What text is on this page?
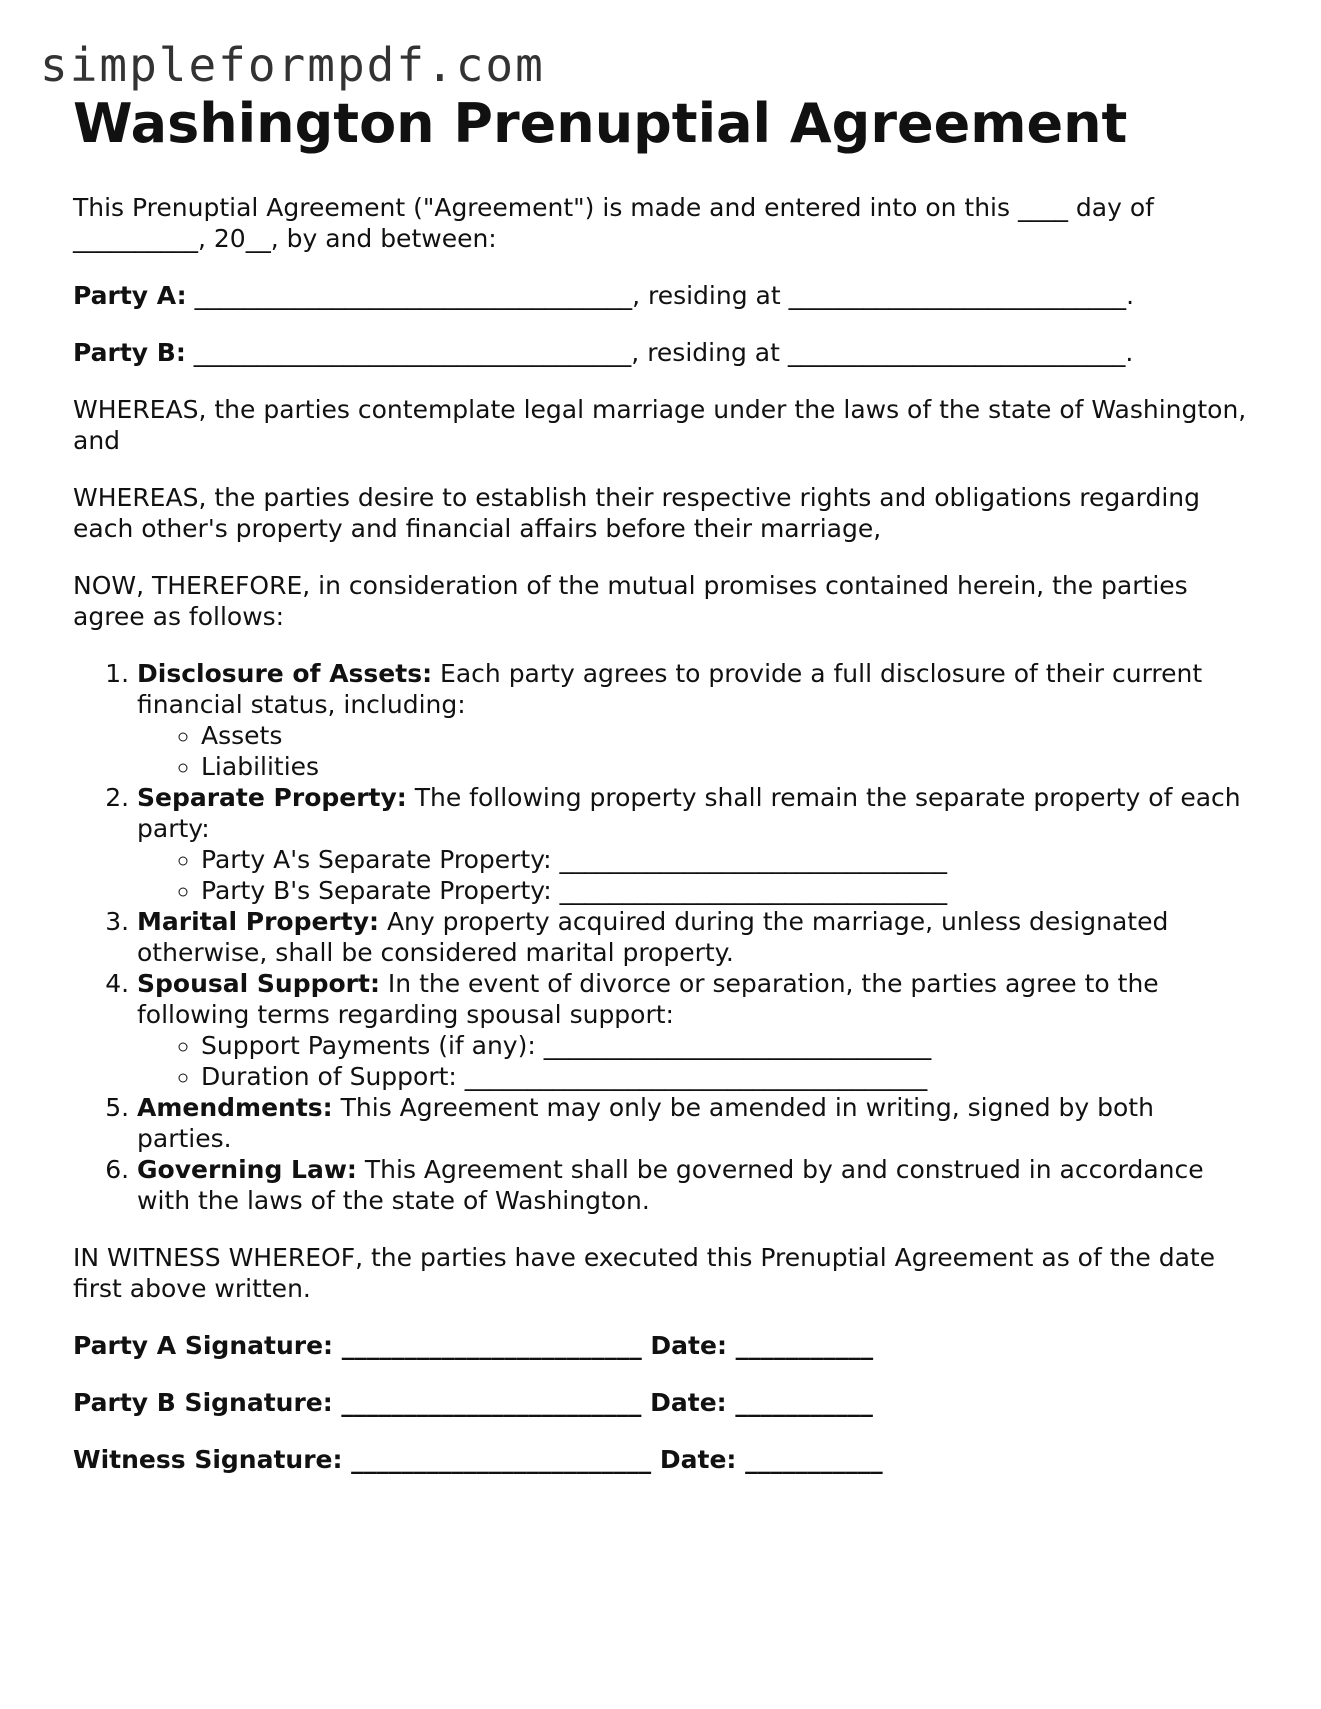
simpleformpdf.com
Washington Prenuptial Agreement

This Prenuptial Agreement ("Agreement") is made and entered into on this ____ day of
__________, 20__, by and between:

Party A: ___________________________________, residing at ___________________________.

Party B: ___________________________________, residing at ___________________________.

WHEREAS, the parties contemplate legal marriage under the laws of the state of Washington, and

WHEREAS, the parties desire to establish their respective rights and obligations regarding each other's property and financial affairs before their marriage,

NOW, THEREFORE, in consideration of the mutual promises contained herein, the parties agree as follows:

1. Disclosure of Assets: Each party agrees to provide a full disclosure of their current financial status, including:
◦ Assets
◦ Liabilities
2. Separate Property: The following property shall remain the separate property of each party:
◦ Party A's Separate Property: _______________________________
◦ Party B's Separate Property: _______________________________
3. Marital Property: Any property acquired during the marriage, unless designated otherwise, shall be considered marital property.
4. Spousal Support: In the event of divorce or separation, the parties agree to the following terms regarding spousal support:
◦ Support Payments (if any): _______________________________
◦ Duration of Support: _____________________________________
5. Amendments: This Agreement may only be amended in writing, signed by both parties.
6. Governing Law: This Agreement shall be governed by and construed in accordance with the laws of the state of Washington.

IN WITNESS WHEREOF, the parties have executed this Prenuptial Agreement as of the date first above written.

Party A Signature: ________________________ Date: ___________

Party B Signature: ________________________ Date: ___________

Witness Signature: ________________________ Date: ___________
